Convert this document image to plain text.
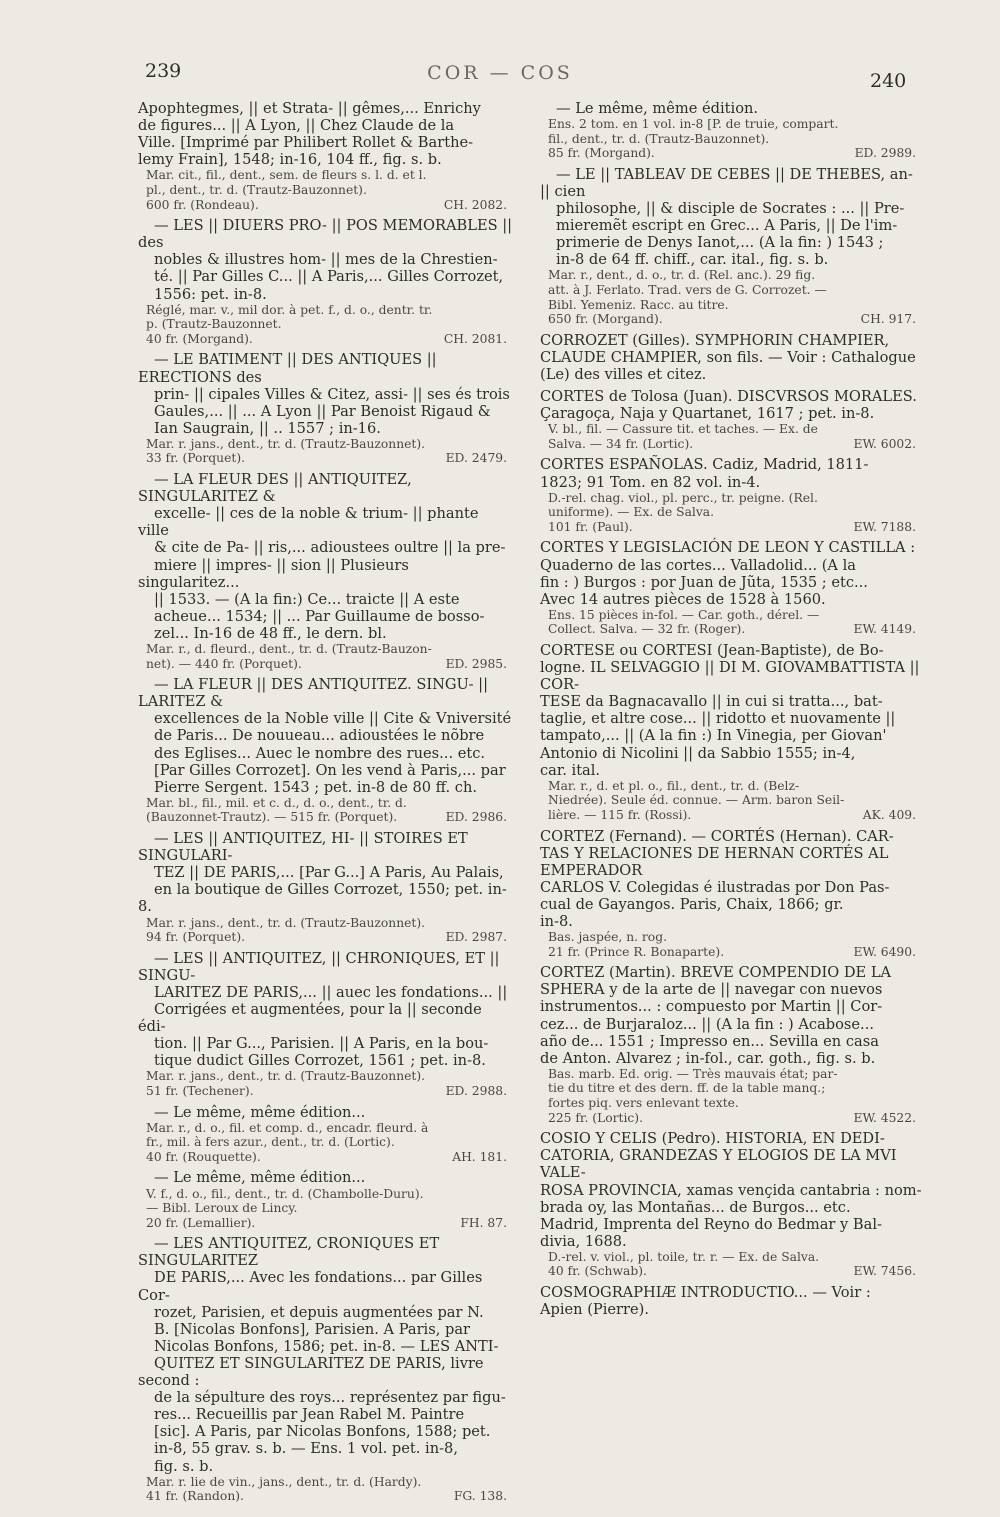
239	COR — COS	240
Apophtegmes, || et Strata- || gêmes,... Enrichy
de figures... || A Lyon, || Chez Claude de la
Ville. [Imprimé par Philibert Rollet & Barthe-
lemy Frain], 1548; in-16, 104 ff., fig. s. b.
Mar. cit., fil., dent., sem. de fleurs s. l. d. et l.
pl., dent., tr. d. (Trautz-Bauzonnet).
600 fr. (Rondeau).	CH. 2082.
— LES || DIUERS PRO- || POS MEMORABLES || des
nobles & illustres hom- || mes de la Chrestien-
té. || Par Gilles C... || A Paris,... Gilles Corrozet,
1556: pet. in-8.
Réglé, mar. v., mil dor. à pet. f., d. o., dentr. tr.
p. (Trautz-Bauzonnet.
40 fr. (Morgand).	CH. 2081.
— LE BATIMENT || DES ANTIQUES || ERECTIONS des
prin- || cipales Villes & Citez, assi- || ses és trois
Gaules,... || ... A Lyon || Par Benoist Rigaud &
Ian Saugrain, || .. 1557 ; in-16.
Mar. r. jans., dent., tr. d. (Trautz-Bauzonnet).
33 fr. (Porquet).	ED. 2479.
— LA FLEUR DES || ANTIQUITEZ, SINGULARITEZ &
excelle- || ces de la noble & trium- || phante ville
& cite de Pa- || ris,... adioustees oultre || la pre-
miere || impres- || sion || Plusieurs singularitez...
|| 1533. — (A la fin:) Ce... traicte || A este
acheue... 1534; || ... Par Guillaume de bosso-
zel... In-16 de 48 ff., le dern. bl.
Mar. r., d. fleurd., dent., tr. d. (Trautz-Bauzon-
net). — 440 fr. (Porquet).	ED. 2985.
— LA FLEUR || DES ANTIQUITEZ. SINGU- || LARITEZ &
excellences de la Noble ville || Cite & Vniversité
de Paris... De nouueau... adioustées le nõbre
des Eglises... Auec le nombre des rues... etc.
[Par Gilles Corrozet]. On les vend à Paris,... par
Pierre Sergent. 1543 ; pet. in-8 de 80 ff. ch.
Mar. bl., fil., mil. et c. d., d. o., dent., tr. d.
(Bauzonnet-Trautz). — 515 fr. (Porquet).	ED. 2986.
— LES || ANTIQUITEZ, HI- || STOIRES ET SINGULARI-
TEZ || DE PARIS,... [Par G...] A Paris, Au Palais,
en la boutique de Gilles Corrozet, 1550; pet. in-8.
Mar. r. jans., dent., tr. d. (Trautz-Bauzonnet).
94 fr. (Porquet).	ED. 2987.
— LES || ANTIQUITEZ, || CHRONIQUES, ET || SINGU-
LARITEZ DE PARIS,... || auec les fondations... ||
Corrigées et augmentées, pour la || seconde édi-
tion. || Par G..., Parisien. || A Paris, en la bou-
tique dudict Gilles Corrozet, 1561 ; pet. in-8.
Mar. r. jans., dent., tr. d. (Trautz-Bauzonnet).
51 fr. (Techener).	ED. 2988.
— Le même, même édition...
Mar. r., d. o., fil. et comp. d., encadr. fleurd. à
fr., mil. à fers azur., dent., tr. d. (Lortic).
40 fr. (Rouquette).	AH. 181.
— Le même, même édition...
V. f., d. o., fil., dent., tr. d. (Chambolle-Duru).
— Bibl. Leroux de Lincy.
20 fr. (Lemallier).	FH. 87.
— LES ANTIQUITEZ, CRONIQUES ET SINGULARITEZ
DE PARIS,... Avec les fondations... par Gilles Cor-
rozet, Parisien, et depuis augmentées par N.
B. [Nicolas Bonfons], Parisien. A Paris, par
Nicolas Bonfons, 1586; pet. in-8. — LES ANTI-
QUITEZ ET SINGULARITEZ DE PARIS, livre second :
de la sépulture des roys... représentez par figu-
res... Recueillis par Jean Rabel M. Paintre
[sic]. A Paris, par Nicolas Bonfons, 1588; pet.
in-8, 55 grav. s. b. — Ens. 1 vol. pet. in-8,
fig. s. b.
Mar. r. lie de vin., jans., dent., tr. d. (Hardy).
41 fr. (Randon).	FG. 138.
— Le même, même édition.
Ens. 2 tom. en 1 vol. in-8 [P. de truie, compart.
fil., dent., tr. d. (Trautz-Bauzonnet).
85 fr. (Morgand).	ED. 2989.
— LE || TABLEAV DE CEBES || DE THEBES, an- || cien
philosophe, || & disciple de Socrates : ... || Pre-
mieremẽt escript en Grec... A Paris, || De l'im-
primerie de Denys Ianot,... (A la fin: ) 1543 ;
in-8 de 64 ff. chiff., car. ital., fig. s. b.
Mar. r., dent., d. o., tr. d. (Rel. anc.). 29 fig.
att. à J. Ferlato. Trad. vers de G. Corrozet. —
Bibl. Yemeniz. Racc. au titre.
650 fr. (Morgand).	CH. 917.
CORROZET (Gilles). SYMPHORIN CHAMPIER,
CLAUDE CHAMPIER, son fils. — Voir : Cathalogue
(Le) des villes et citez.
CORTES de Tolosa (Juan). DISCVRSOS MORALES.
Çaragoça, Naja y Quartanet, 1617 ; pet. in-8.
V. bl., fil. — Cassure tit. et taches. — Ex. de
Salva. — 34 fr. (Lortic).	EW. 6002.
CORTES ESPAÑOLAS. Cadiz, Madrid, 1811-
1823; 91 Tom. en 82 vol. in-4.
D.-rel. chag. viol., pl. perc., tr. peigne. (Rel.
uniforme). — Ex. de Salva.
101 fr. (Paul).	EW. 7188.
CORTES Y LEGISLACIÓN DE LEON Y CASTILLA :
Quaderno de las cortes... Valladolid... (A la
fin : ) Burgos : por Juan de Jũta, 1535 ; etc...
Avec 14 autres pièces de 1528 à 1560.
Ens. 15 pièces in-fol. — Car. goth., dérel. —
Collect. Salva. — 32 fr. (Roger).	EW. 4149.
CORTESE ou CORTESI (Jean-Baptiste), de Bo-
logne. IL SELVAGGIO || DI M. GIOVAMBATTISTA || COR-
TESE da Bagnacavallo || in cui si tratta..., bat-
taglie, et altre cose... || ridotto et nuovamente ||
tampato,... || (A la fin :) In Vinegia, per Giovan'
Antonio di Nicolini || da Sabbio 1555; in-4,
car. ital.
Mar. r., d. et pl. o., fil., dent., tr. d. (Belz-
Niedrée). Seule éd. connue. — Arm. baron Seil-
lière. — 115 fr. (Rossi).	AK. 409.
CORTEZ (Fernand). — CORTÉS (Hernan). CAR-
TAS Y RELACIONES DE HERNAN CORTÉS AL EMPERADOR
CARLOS V. Colegidas é ilustradas por Don Pas-
cual de Gayangos. Paris, Chaix, 1866; gr.
in-8.
Bas. jaspée, n. rog.
21 fr. (Prince R. Bonaparte).	EW. 6490.
CORTEZ (Martin). BREVE COMPENDIO DE LA
SPHERA y de la arte de || navegar con nuevos
instrumentos... : compuesto por Martin || Cor-
cez... de Burjaraloz... || (A la fin : ) Acabose...
año de... 1551 ; Impresso en... Sevilla en casa
de Anton. Alvarez ; in-fol., car. goth., fig. s. b.
Bas. marb. Ed. orig. — Très mauvais état; par-
tie du titre et des dern. ff. de la table manq.;
fortes piq. vers enlevant texte.
225 fr. (Lortic).	EW. 4522.
COSIO Y CELIS (Pedro). HISTORIA, EN DEDI-
CATORIA, GRANDEZAS Y ELOGIOS DE LA MVI VALE-
ROSA PROVINCIA, xamas vençida cantabria : nom-
brada oy, las Montañas... de Burgos... etc.
Madrid, Imprenta del Reyno do Bedmar y Bal-
divia, 1688.
D.-rel. v. viol., pl. toile, tr. r. — Ex. de Salva.
40 fr. (Schwab).	EW. 7456.
COSMOGRAPHIÆ INTRODUCTIO... — Voir :
Apien (Pierre).
